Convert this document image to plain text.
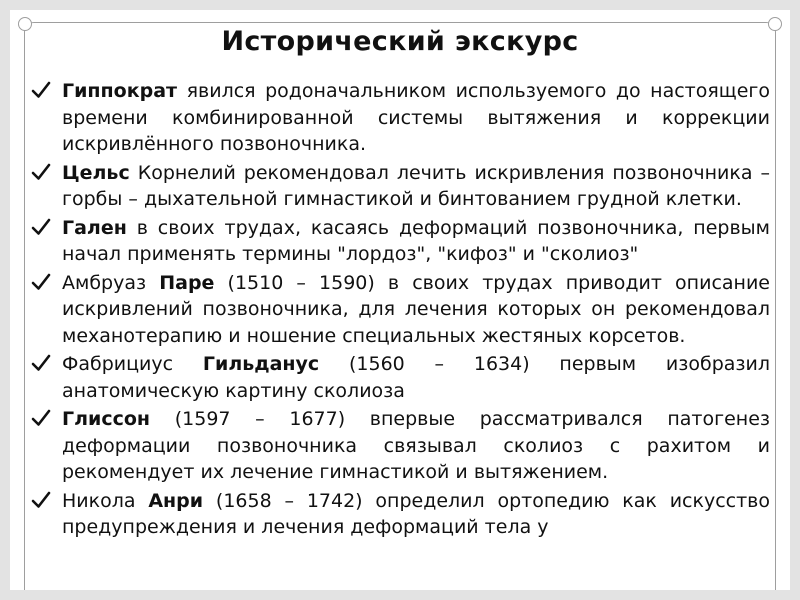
Исторический экскурс
Гиппократ явился родоначальником используемого до настоящего времени комбинированной системы вытяжения и коррекции искривлённого позвоночника.
Цельс Корнелий рекомендовал лечить искривления позвоночника – горбы – дыхательной гимнастикой и бинтованием грудной клетки.
Гален в своих трудах, касаясь деформаций позвоночника, первым начал применять термины "лордоз", "кифоз" и "сколиоз"
Амбруаз Паре (1510 – 1590) в своих трудах приводит описание искривлений позвоночника, для лечения которых он рекомендовал механотерапию и ношение специальных жестяных корсетов.
Фабрициус Гильданус (1560 – 1634) первым изобразил анатомическую картину сколиоза
Глиссон (1597 – 1677) впервые рассматривался патогенез деформации позвоночника связывал сколиоз с рахитом и рекомендует их лечение гимнастикой и вытяжением.
Никола Анри (1658 – 1742) определил ортопедию как искусство предупреждения и лечения деформаций тела у
